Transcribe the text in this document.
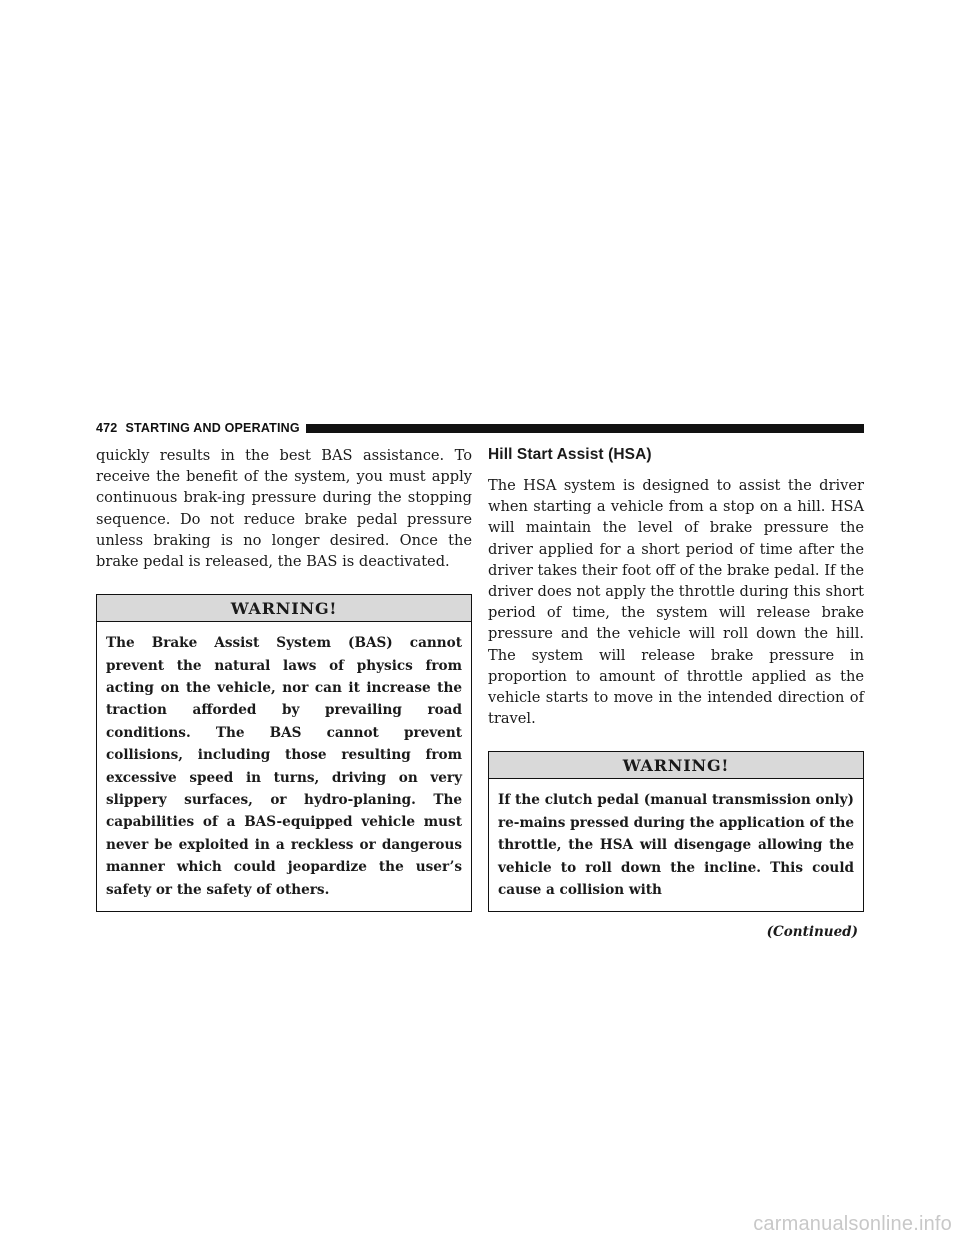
472 STARTING AND OPERATING

quickly results in the best BAS assistance. To receive the benefit of the system, you must apply continuous brak-ing pressure during the stopping sequence. Do not reduce brake pedal pressure unless braking is no longer desired. Once the brake pedal is released, the BAS is deactivated.

WARNING!

The Brake Assist System (BAS) cannot prevent the natural laws of physics from acting on the vehicle, nor can it increase the traction afforded by prevailing road conditions. The BAS cannot prevent collisions, including those resulting from excessive speed in turns, driving on very slippery surfaces, or hydro-planing. The capabilities of a BAS-equipped vehicle must never be exploited in a reckless or dangerous manner which could jeopardize the user’s safety or the safety of others.

Hill Start Assist (HSA)

The HSA system is designed to assist the driver when starting a vehicle from a stop on a hill. HSA will maintain the level of brake pressure the driver applied for a short period of time after the driver takes their foot off of the brake pedal. If the driver does not apply the throttle during this short period of time, the system will release brake pressure and the vehicle will roll down the hill. The system will release brake pressure in proportion to amount of throttle applied as the vehicle starts to move in the intended direction of travel.

WARNING!

If the clutch pedal (manual transmission only) re-mains pressed during the application of the throttle, the HSA will disengage allowing the vehicle to roll down the incline. This could cause a collision with

(Continued)
carmanualsonline.info
